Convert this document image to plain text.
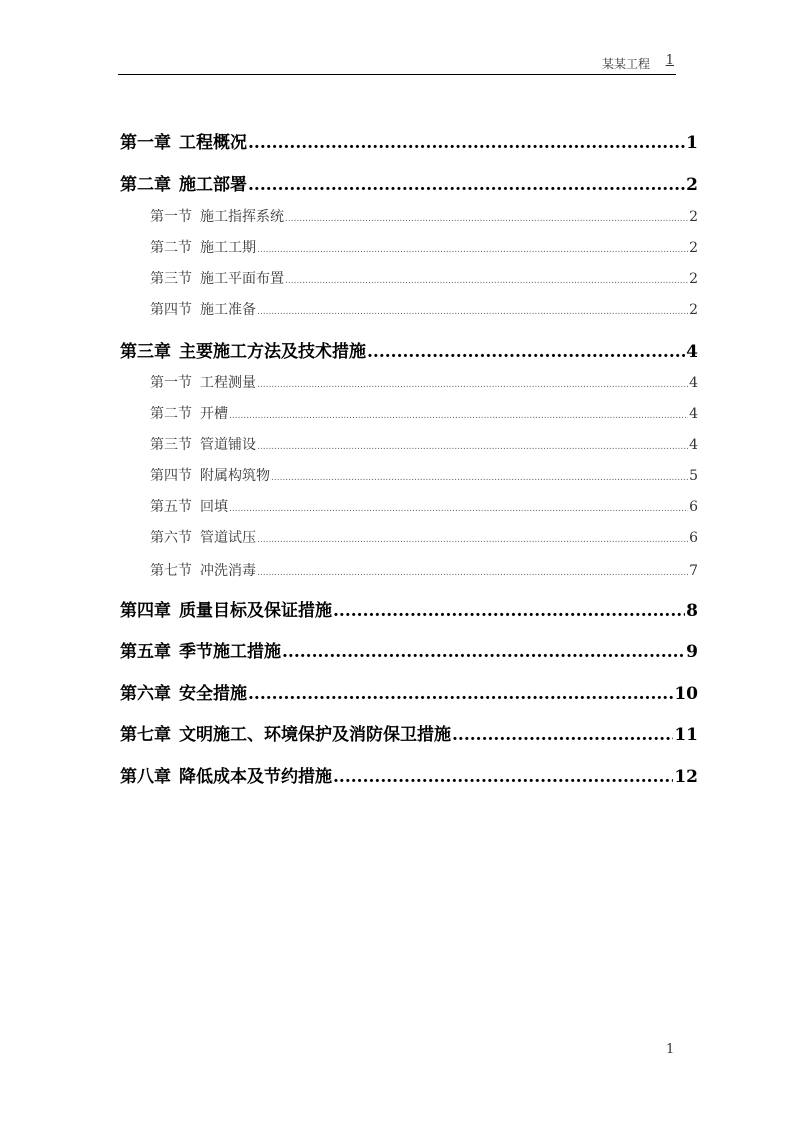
某某工程 1
第一章 工程概况 .....	1
第二章 施工部署 .....	2
第一节 施工指挥系统 .....	2
第二节 施工工期 .....	2
第三节 施工平面布置 .....	2
第四节 施工准备 .....	2
第三章 主要施工方法及技术措施 .....	4
第一节 工程测量 .....	4
第二节 开槽 .....	4
第三节 管道铺设 .....	4
第四节 附属构筑物 .....	5
第五节 回填 .....	6
第六节 管道试压 .....	6
第七节 冲洗消毒 .....	7
第四章 质量目标及保证措施 .....	8
第五章 季节施工措施 .....	9
第六章 安全措施 .....	10
第七章 文明施工、环境保护及消防保卫措施 .....	11
第八章 降低成本及节约措施 .....	12
1
